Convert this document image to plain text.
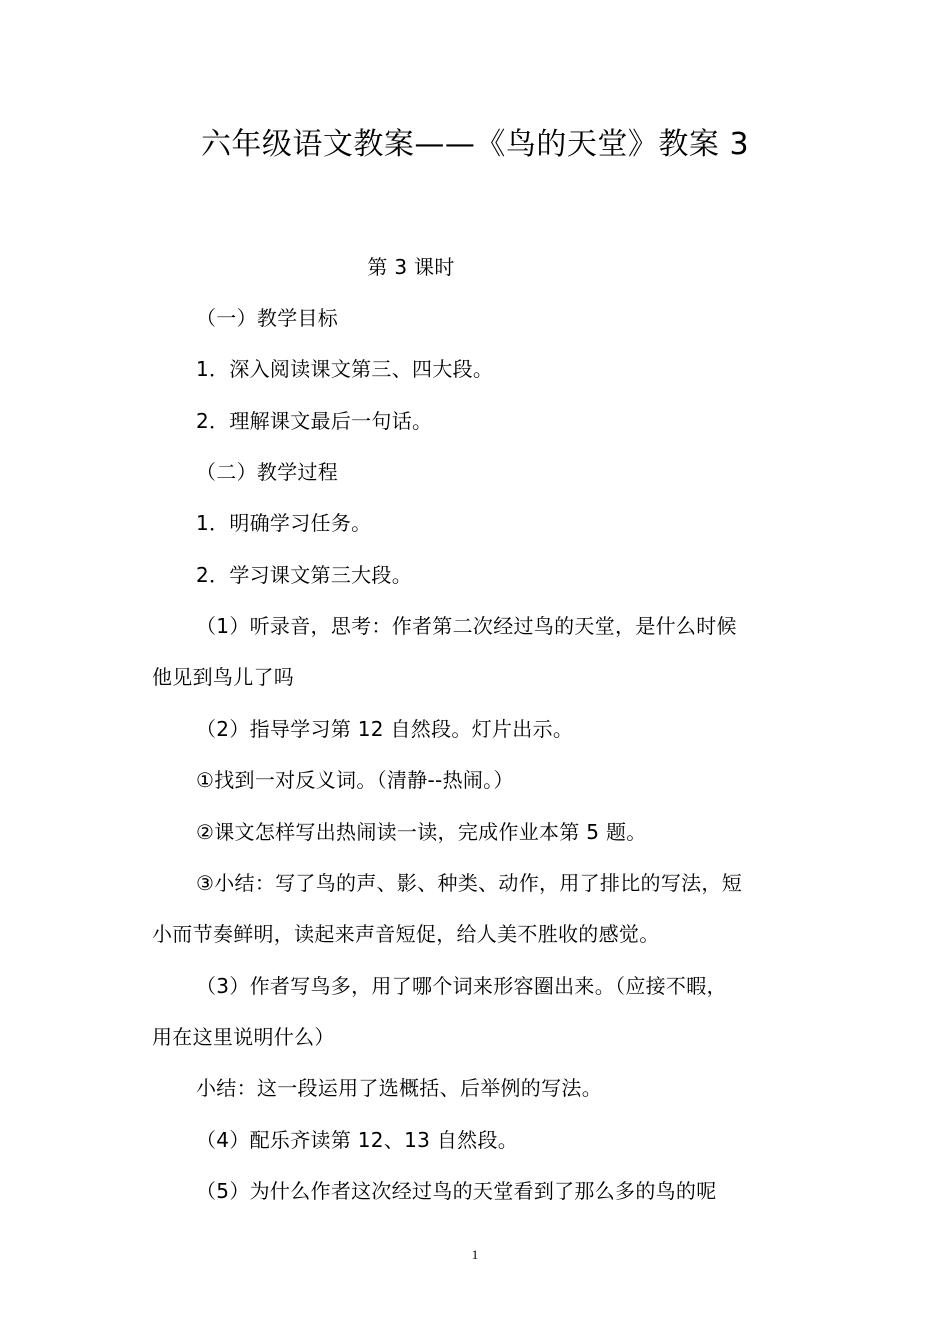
六年级语文教案——《鸟的天堂》教案 3
第 3 课时
（一）教学目标
1．深入阅读课文第三、四大段。
2．理解课文最后一句话。
（二）教学过程
1．明确学习任务。
2．学习课文第三大段。
（1）听录音，思考：作者第二次经过鸟的天堂，是什么时候
他见到鸟儿了吗
（2）指导学习第 12 自然段。灯片出示。
①找到一对反义词。（清静--热闹。）
②课文怎样写出热闹读一读，完成作业本第 5 题。
③小结：写了鸟的声、影、种类、动作，用了排比的写法，短
小而节奏鲜明，读起来声音短促，给人美不胜收的感觉。
（3）作者写鸟多，用了哪个词来形容圈出来。（应接不暇，
用在这里说明什么）
小结：这一段运用了选概括、后举例的写法。
（4）配乐齐读第 12、13 自然段。
（5）为什么作者这次经过鸟的天堂看到了那么多的鸟的呢
1
